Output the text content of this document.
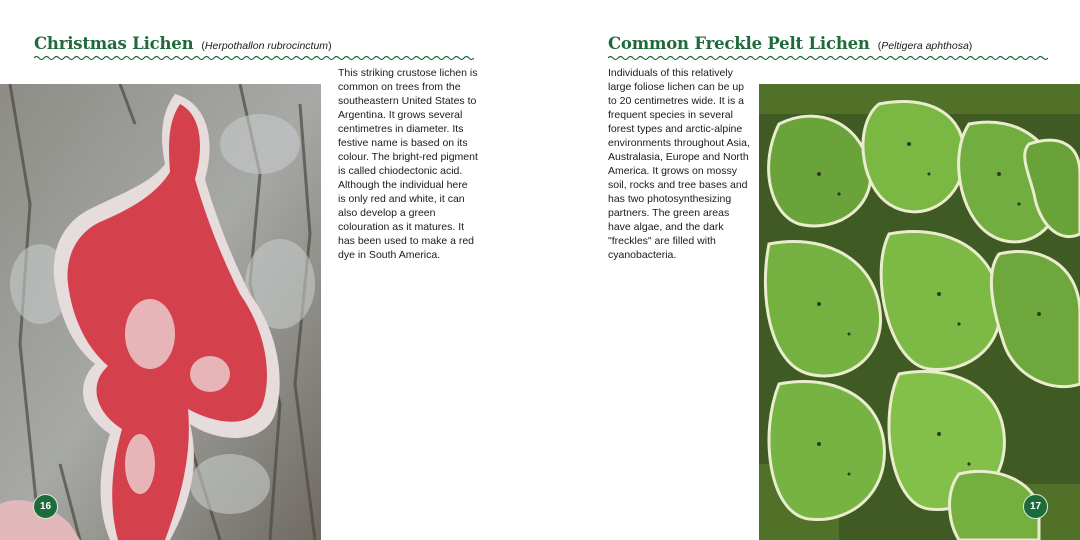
Christmas Lichen (Herpothallon rubrocinctum)

This striking crustose lichen is common on trees from the southeastern United States to Argentina. It grows several centimetres in diameter. Its festive name is based on its colour. The bright-red pigment is called chiodectonic acid. Although the individual here is only red and white, it can also develop a green colouration as it matures. It has been used to make a red dye in South America.

16
Common Freckle Pelt Lichen (Peltigera aphthosa)

Individuals of this relatively large foliose lichen can be up to 20 centimetres wide. It is a frequent species in several forest types and arctic-alpine environments throughout Asia, Australasia, Europe and North America. It grows on mossy soil, rocks and tree bases and has two photosynthesizing partners. The green areas have algae, and the dark "freckles" are filled with cyanobacteria.

17
